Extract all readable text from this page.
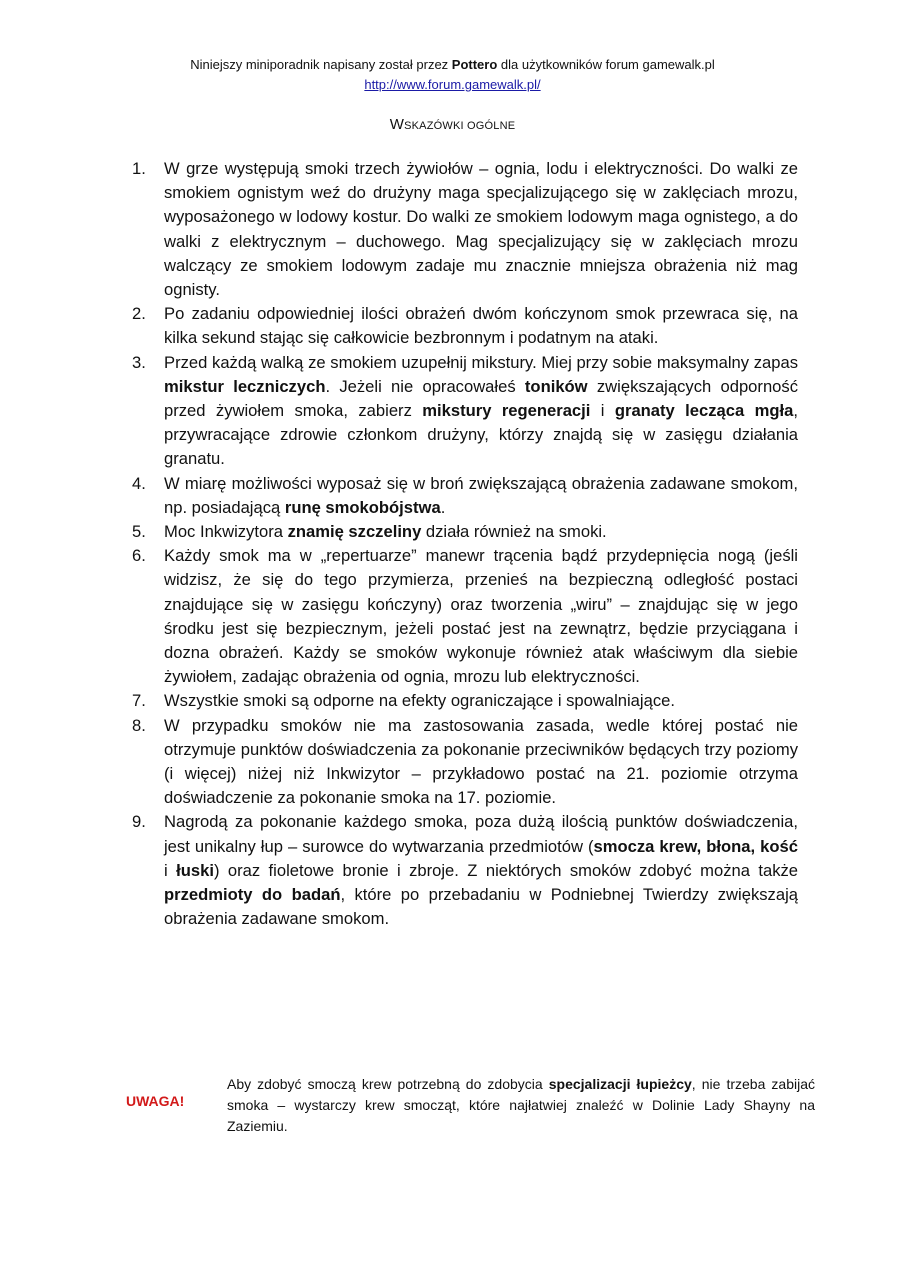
Niniejszy miniporadnik napisany został przez Pottero dla użytkowników forum gamewalk.pl
http://www.forum.gamewalk.pl/
WSKAZÓWKI OGÓLNE
1. W grze występują smoki trzech żywiołów – ognia, lodu i elektryczności. Do walki ze smokiem ognistym weź do drużyny maga specjalizującego się w zaklęciach mrozu, wyposażonego w lodowy kostur. Do walki ze smokiem lodowym maga ognistego, a do walki z elektrycznym – duchowego. Mag specjalizujący się w zaklęciach mrozu walczący ze smokiem lodowym zadaje mu znacznie mniejsza obrażenia niż mag ognisty.
2. Po zadaniu odpowiedniej ilości obrażeń dwóm kończynom smok przewraca się, na kilka sekund stając się całkowicie bezbronnym i podatnym na ataki.
3. Przed każdą walką ze smokiem uzupełnij mikstury. Miej przy sobie maksymalny zapas mikstur leczniczych. Jeżeli nie opracowałeś toników zwiększających odporność przed żywiołem smoka, zabierz mikstury regeneracji i granaty lecząca mgła, przywracające zdrowie członkom drużyny, którzy znajdą się w zasięgu działania granatu.
4. W miarę możliwości wyposaż się w broń zwiększającą obrażenia zadawane smokom, np. posiadającą runę smokobójstwa.
5. Moc Inkwizytora znamię szczeliny działa również na smoki.
6. Każdy smok ma w „repertuarze” manewr trącenia bądź przydepnięcia nogą (jeśli widzisz, że się do tego przymierza, przenieś na bezpieczną odległość postaci znajdujące się w zasięgu kończyny) oraz tworzenia „wiru” – znajdując się w jego środku jest się bezpiecznym, jeżeli postać jest na zewnątrz, będzie przyciągana i dozna obrażeń. Każdy se smoków wykonuje również atak właściwym dla siebie żywiołem, zadając obrażenia od ognia, mrozu lub elektryczności.
7. Wszystkie smoki są odporne na efekty ograniczające i spowalniające.
8. W przypadku smoków nie ma zastosowania zasada, wedle której postać nie otrzymuje punktów doświadczenia za pokonanie przeciwników będących trzy poziomy (i więcej) niżej niż Inkwizytor – przykładowo postać na 21. poziomie otrzyma doświadczenie za pokonanie smoka na 17. poziomie.
9. Nagrodą za pokonanie każdego smoka, poza dużą ilością punktów doświadczenia, jest unikalny łup – surowce do wytwarzania przedmiotów (smocza krew, błona, kość i łuski) oraz fioletowe bronie i zbroje. Z niektórych smoków zdobyć można także przedmioty do badań, które po przebadaniu w Podniebnej Twierdzy zwiększają obrażenia zadawane smokom.
UWAGA!
Aby zdobyć smoczą krew potrzebną do zdobycia specjalizacji łupieżcy, nie trzeba zabijać smoka – wystarczy krew smocząt, które najłatwiej znaleźć w Dolinie Lady Shayny na Zaziemiu.
